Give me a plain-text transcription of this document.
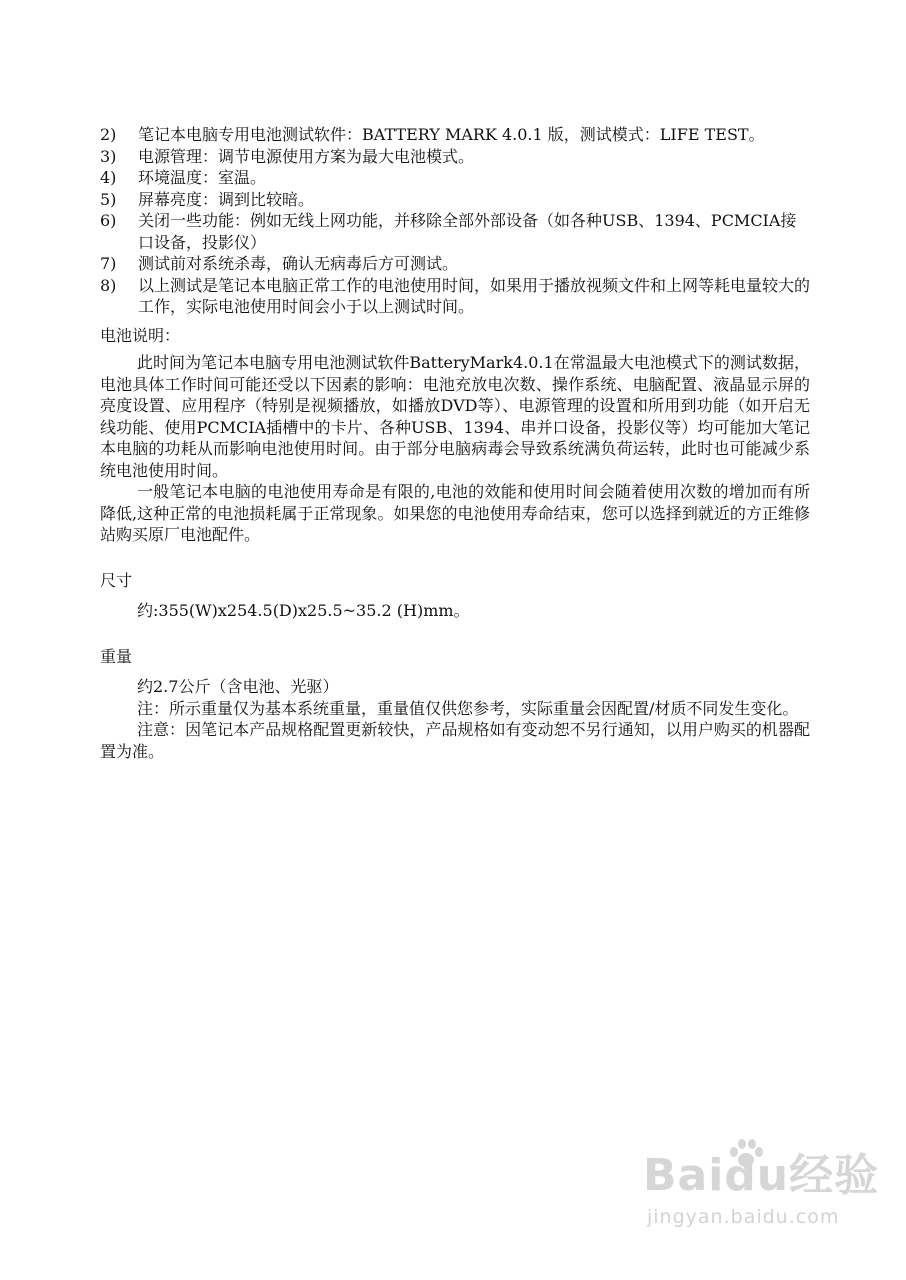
2)	笔记本电脑专用电池测试软件：BATTERY MARK 4.0.1 版，测试模式：LIFE TEST。
3)	电源管理：调节电源使用方案为最大电池模式。
4)	环境温度：室温。
5)	屏幕亮度：调到比较暗。
6)	关闭一些功能：例如无线上网功能，并移除全部外部设备（如各种USB、1394、PCMCIA接口设备，投影仪）
7)	测试前对系统杀毒，确认无病毒后方可测试。
8)	以上测试是笔记本电脑正常工作的电池使用时间，如果用于播放视频文件和上网等耗电量较大的工作，实际电池使用时间会小于以上测试时间。
电池说明：
此时间为笔记本电脑专用电池测试软件BatteryMark4.0.1在常温最大电池模式下的测试数据，电池具体工作时间可能还受以下因素的影响：电池充放电次数、操作系统、电脑配置、液晶显示屏的亮度设置、应用程序（特别是视频播放，如播放DVD等）、电源管理的设置和所用到功能（如开启无线功能、使用PCMCIA插槽中的卡片、各种USB、1394、串并口设备，投影仪等）均可能加大笔记本电脑的功耗从而影响电池使用时间。由于部分电脑病毒会导致系统满负荷运转，此时也可能减少系统电池使用时间。
一般笔记本电脑的电池使用寿命是有限的,电池的效能和使用时间会随着使用次数的增加而有所降低,这种正常的电池损耗属于正常现象。如果您的电池使用寿命结束，您可以选择到就近的方正维修站购买原厂电池配件。
尺寸
约:355(W)x254.5(D)x25.5~35.2 (H)mm。
重量
约2.7公斤（含电池、光驱）
注：所示重量仅为基本系统重量，重量值仅供您参考，实际重量会因配置/材质不同发生变化。
注意：因笔记本产品规格配置更新较快，产品规格如有变动恕不另行通知，以用户购买的机器配置为准。
Baidu经验
jingyan.baidu.com
